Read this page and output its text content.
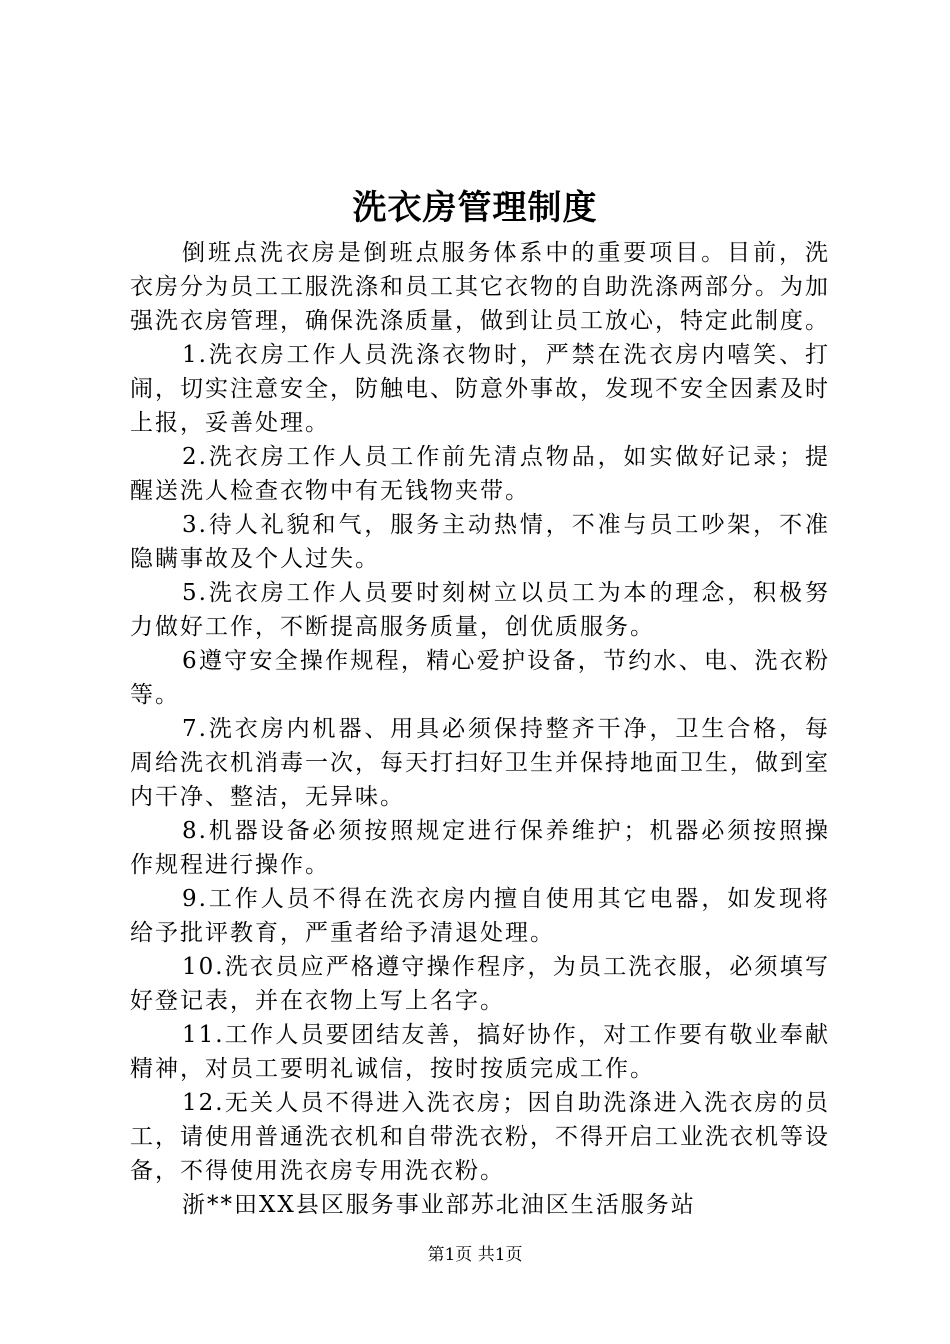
洗衣房管理制度

倒班点洗衣房是倒班点服务体系中的重要项目。目前，洗衣房分为员工工服洗涤和员工其它衣物的自助洗涤两部分。为加强洗衣房管理，确保洗涤质量，做到让员工放心，特定此制度。

1.洗衣房工作人员洗涤衣物时，严禁在洗衣房内嘻笑、打闹，切实注意安全，防触电、防意外事故，发现不安全因素及时上报，妥善处理。

2.洗衣房工作人员工作前先清点物品，如实做好记录；提醒送洗人检查衣物中有无钱物夹带。

3.待人礼貌和气，服务主动热情，不准与员工吵架，不准隐瞒事故及个人过失。

5.洗衣房工作人员要时刻树立以员工为本的理念，积极努力做好工作，不断提高服务质量，创优质服务。

6遵守安全操作规程，精心爱护设备，节约水、电、洗衣粉等。

7.洗衣房内机器、用具必须保持整齐干净，卫生合格，每周给洗衣机消毒一次，每天打扫好卫生并保持地面卫生，做到室内干净、整洁，无异味。

8.机器设备必须按照规定进行保养维护；机器必须按照操作规程进行操作。

9.工作人员不得在洗衣房内擅自使用其它电器，如发现将给予批评教育，严重者给予清退处理。

10.洗衣员应严格遵守操作程序，为员工洗衣服，必须填写好登记表，并在衣物上写上名字。

11.工作人员要团结友善，搞好协作，对工作要有敬业奉献精神，对员工要明礼诚信，按时按质完成工作。

12.无关人员不得进入洗衣房；因自助洗涤进入洗衣房的员工，请使用普通洗衣机和自带洗衣粉，不得开启工业洗衣机等设备，不得使用洗衣房专用洗衣粉。

浙**田XX县区服务事业部苏北油区生活服务站

第1页 共1页
